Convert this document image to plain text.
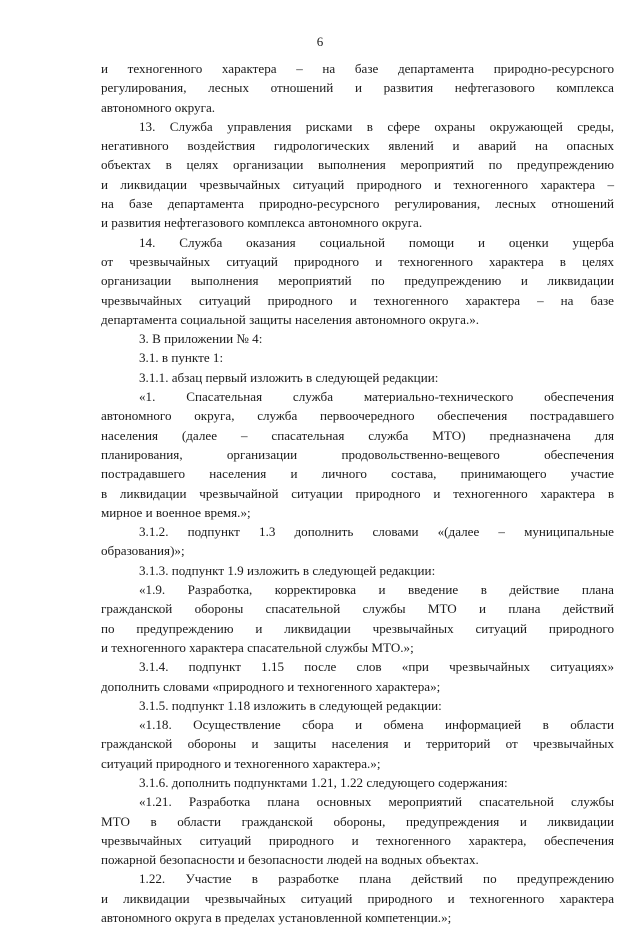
6
и техногенного характера – на базе департамента природно-ресурсного
регулирования, лесных отношений и развития нефтегазового комплекса
автономного округа.
13. Служба управления рисками в сфере охраны окружающей среды,
негативного воздействия гидрологических явлений и аварий на опасных
объектах в целях организации выполнения мероприятий по предупреждению
и ликвидации чрезвычайных ситуаций природного и техногенного характера –
на базе департамента природно-ресурсного регулирования, лесных отношений
и развития нефтегазового комплекса автономного округа.
14. Служба оказания социальной помощи и оценки ущерба
от чрезвычайных ситуаций природного и техногенного характера в целях
организации выполнения мероприятий по предупреждению и ликвидации
чрезвычайных ситуаций природного и техногенного характера – на базе
департамента социальной защиты населения автономного округа.».
3. В приложении № 4:
3.1. в пункте 1:
3.1.1. абзац первый изложить в следующей редакции:
«1. Спасательная служба материально-технического обеспечения
автономного округа, служба первоочередного обеспечения пострадавшего
населения (далее – спасательная служба МТО) предназначена для
планирования, организации продовольственно-вещевого обеспечения
пострадавшего населения и личного состава, принимающего участие
в ликвидации чрезвычайной ситуации природного и техногенного характера в
мирное и военное время.»;
3.1.2. подпункт 1.3 дополнить словами «(далее – муниципальные
образования)»;
3.1.3. подпункт 1.9 изложить в следующей редакции:
«1.9. Разработка, корректировка и введение в действие плана
гражданской обороны спасательной службы МТО и плана действий
по предупреждению и ликвидации чрезвычайных ситуаций природного
и техногенного характера спасательной службы МТО.»;
3.1.4. подпункт 1.15 после слов «при чрезвычайных ситуациях»
дополнить словами «природного и техногенного характера»;
3.1.5. подпункт 1.18 изложить в следующей редакции:
«1.18. Осуществление сбора и обмена информацией в области
гражданской обороны и защиты населения и территорий от чрезвычайных
ситуаций природного и техногенного характера.»;
3.1.6. дополнить подпунктами 1.21, 1.22 следующего содержания:
«1.21. Разработка плана основных мероприятий спасательной службы
МТО в области гражданской обороны, предупреждения и ликвидации
чрезвычайных ситуаций природного и техногенного характера, обеспечения
пожарной безопасности и безопасности людей на водных объектах.
1.22. Участие в разработке плана действий по предупреждению
и ликвидации чрезвычайных ситуаций природного и техногенного характера
автономного округа в пределах установленной компетенции.»;
